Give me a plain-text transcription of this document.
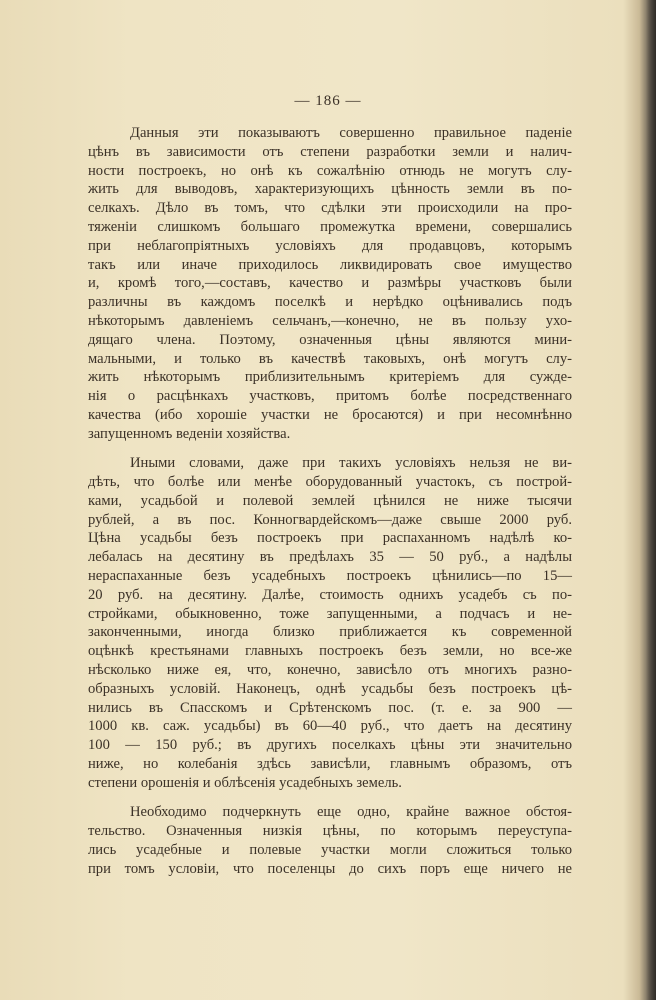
— 186 —
Данныя эти показываютъ совершенно правильное паденіе
цѣнъ въ зависимости отъ степени разработки земли и налич-
ности построекъ, но онѣ къ сожалѣнію отнюдь не могутъ слу-
жить для выводовъ, характеризующихъ цѣнность земли въ по-
селкахъ. Дѣло въ томъ, что сдѣлки эти происходили на про-
тяженіи слишкомъ большаго промежутка времени, совершались
при неблагопріятныхъ условіяхъ для продавцовъ, которымъ
такъ или иначе приходилось ликвидировать свое имущество
и, кромѣ того,—составъ, качество и размѣры участковъ были
различны въ каждомъ поселкѣ и нерѣдко оцѣнивались подъ
нѣкоторымъ давленіемъ сельчанъ,—конечно, не въ пользу ухо-
дящаго члена. Поэтому, означенныя цѣны являются мини-
мальными, и только въ качествѣ таковыхъ, онѣ могутъ слу-
жить нѣкоторымъ приблизительнымъ критеріемъ для сужде-
нія о расцѣнкахъ участковъ, притомъ болѣе посредственнаго
качества (ибо хорошіе участки не бросаются) и при несомнѣнно
запущенномъ веденіи хозяйства.
Иными словами, даже при такихъ условіяхъ нельзя не ви-
дѣть, что болѣе или менѣе оборудованный участокъ, съ построй-
ками, усадьбой и полевой землей цѣнился не ниже тысячи
рублей, а въ пос. Конногвардейскомъ—даже свыше 2000 руб.
Цѣна усадьбы безъ построекъ при распаханномъ надѣлѣ ко-
лебалась на десятину въ предѣлахъ 35 — 50 руб., а надѣлы
нераспаханные безъ усадебныхъ построекъ цѣнились—по 15—
20 руб. на десятину. Далѣе, стоимость однихъ усадебъ съ по-
стройками, обыкновенно, тоже запущенными, а подчасъ и не-
законченными, иногда близко приближается къ современной
оцѣнкѣ крестьянами главныхъ построекъ безъ земли, но все-же
нѣсколько ниже ея, что, конечно, зависѣло отъ многихъ разно-
образныхъ условій. Наконецъ, однѣ усадьбы безъ построекъ цѣ-
нились въ Спасскомъ и Срѣтенскомъ пос. (т. е. за 900 —
1000 кв. саж. усадьбы) въ 60—40 руб., что даетъ на десятину
100 — 150 руб.; въ другихъ поселкахъ цѣны эти значительно
ниже, но колебанія здѣсь зависѣли, главнымъ образомъ, отъ
степени орошенія и облѣсенія усадебныхъ земель.
Необходимо подчеркнуть еще одно, крайне важное обстоя-
тельство. Означенныя низкія цѣны, по которымъ переуступа-
лись усадебные и полевые участки могли сложиться только
при томъ условіи, что поселенцы до сихъ поръ еще ничего не
